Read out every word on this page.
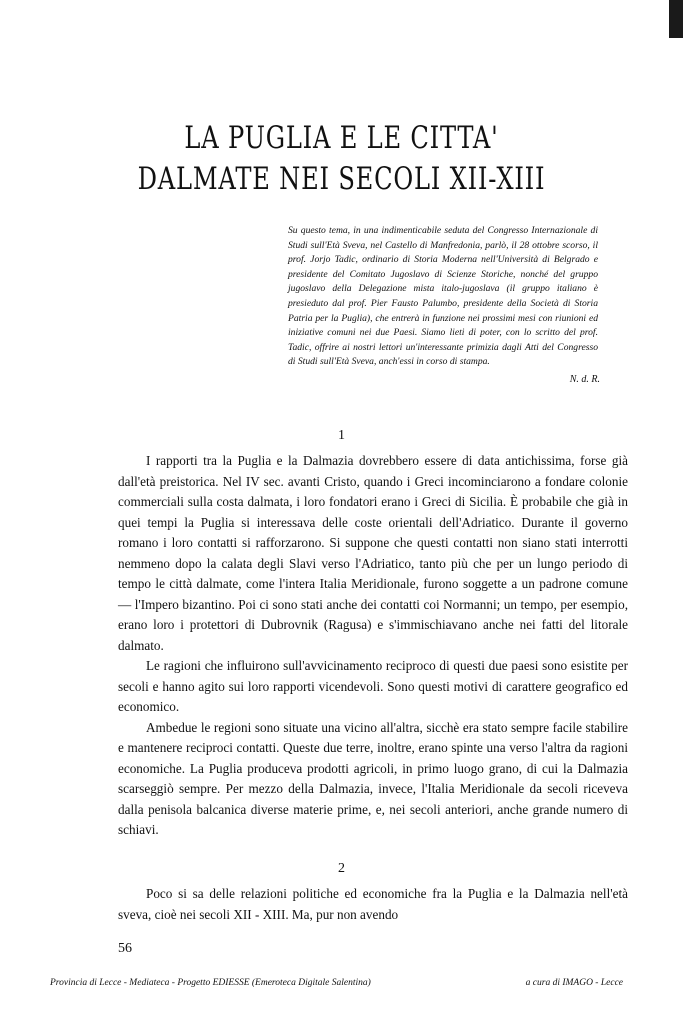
LA PUGLIA E LE CITTA'
DALMATE NEI SECOLI XII-XIII
Su questo tema, in una indimenticabile seduta del Congresso Internazionale di Studi sull'Età Sveva, nel Castello di Manfredonia, parlò, il 28 ottobre scorso, il prof. Jorjo Tadic, ordinario di Storia Moderna nell'Università di Belgrado e presidente del Comitato Jugoslavo di Scienze Storiche, nonché del gruppo jugoslavo della Delegazione mista italo-jugoslava (il gruppo italiano è presieduto dal prof. Pier Fausto Palumbo, presidente della Società di Storia Patria per la Puglia), che entrerà in funzione nei prossimi mesi con riunioni ed iniziative comuni nei due Paesi. Siamo lieti di poter, con lo scritto del prof. Tadic, offrire ai nostri lettori un'interessante primizia dagli Atti del Congresso di Studi sull'Età Sveva, anch'essi in corso di stampa.
N. d. R.
1

I rapporti tra la Puglia e la Dalmazia dovrebbero essere di data antichissima, forse già dall'età preistorica. Nel IV sec. avanti Cristo, quando i Greci incominciarono a fondare colonie commerciali sulla costa dalmata, i loro fondatori erano i Greci di Sicilia. È probabile che già in quei tempi la Puglia si interessava delle coste orientali dell'Adriatico. Durante il governo romano i loro contatti si rafforzarono. Si suppone che questi contatti non siano stati interrotti nemmeno dopo la calata degli Slavi verso l'Adriatico, tanto più che per un lungo periodo di tempo le città dalmate, come l'intera Italia Meridionale, furono soggette a un padrone comune — l'Impero bizantino. Poi ci sono stati anche dei contatti coi Normanni; un tempo, per esempio, erano loro i protettori di Dubrovnik (Ragusa) e s'immischiavano anche nei fatti del litorale dalmato.

Le ragioni che influirono sull'avvicinamento reciproco di questi due paesi sono esistite per secoli e hanno agito sui loro rapporti vicendevoli. Sono questi motivi di carattere geografico ed economico.

Ambedue le regioni sono situate una vicino all'altra, sicchè era stato sempre facile stabilire e mantenere reciproci contatti. Queste due terre, inoltre, erano spinte una verso l'altra da ragioni economiche. La Puglia produceva prodotti agricoli, in primo luogo grano, di cui la Dalmazia scarseggiò sempre. Per mezzo della Dalmazia, invece, l'Italia Meridionale da secoli riceveva dalla penisola balcanica diverse materie prime, e, nei secoli anteriori, anche grande numero di schiavi.

2

Poco si sa delle relazioni politiche ed economiche fra la Puglia e la Dalmazia nell'età sveva, cioè nei secoli XII - XIII. Ma, pur non avendo

56
Provincia di Lecce - Mediateca - Progetto EDIESSE (Emeroteca Digitale Salentina)	a cura di IMAGO - Lecce
